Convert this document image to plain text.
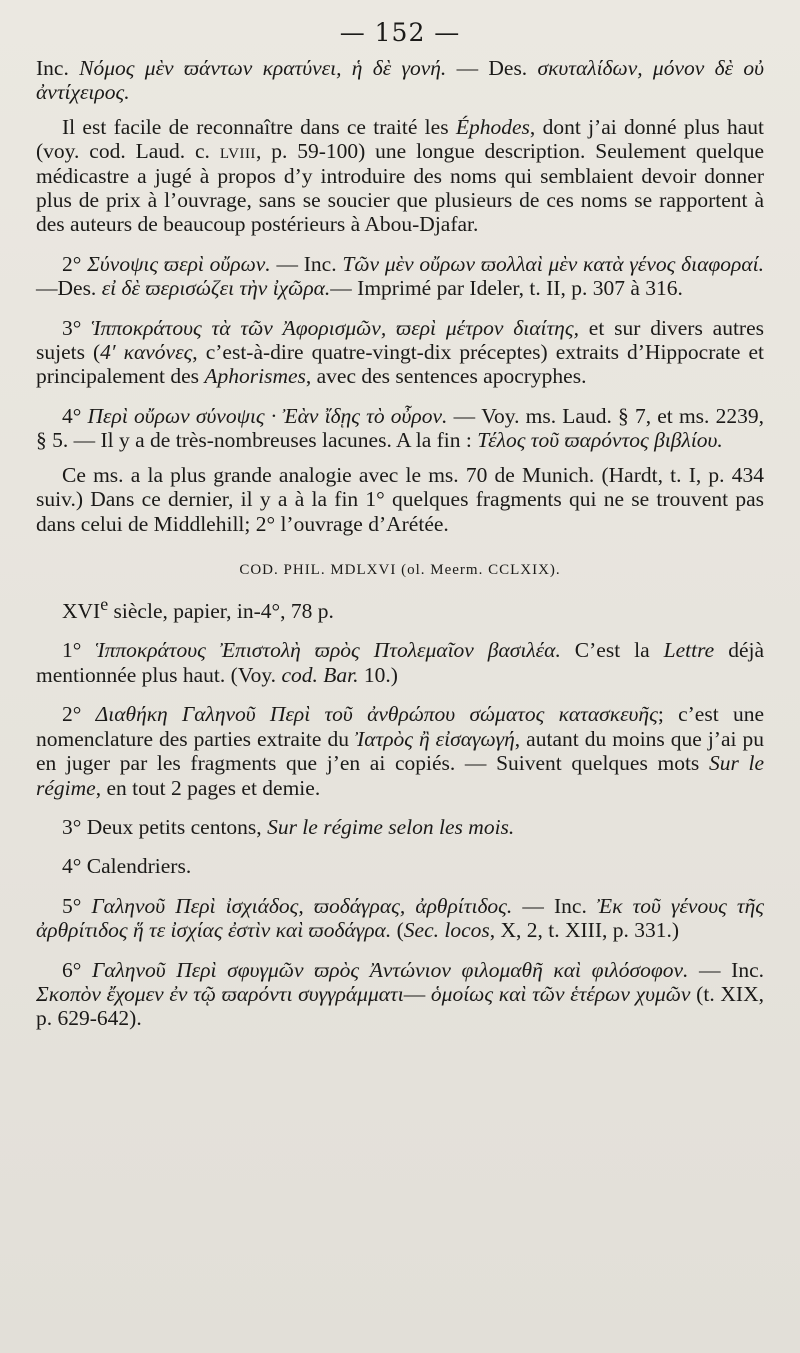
— 152 —

Inc. Νόμος μὲν ϖάντων κρατύνει, ἡ δὲ γονή. — Des. σκυταλίδων, μόνον δὲ οὐ ἀντίχειρος.

Il est facile de reconnaître dans ce traité les Éphodes, dont j’ai donné plus haut (voy. cod. Laud. c. lviii, p. 59-100) une longue description. Seulement quelque médicastre a jugé à propos d’y introduire des noms qui semblaient devoir donner plus de prix à l’ouvrage, sans se soucier que plusieurs de ces noms se rapportent à des auteurs de beaucoup postérieurs à Abou-Djafar.

2° Σύνοψις ϖερὶ οὔρων. — Inc. Τῶν μὲν οὔρων ϖολλαὶ μὲν κατὰ γένος διαφοραί.—Des. εἰ δὲ ϖερισώζει τὴν ἰχῶρα.— Imprimé par Ideler, t. II, p. 307 à 316.

3° Ἱπποκράτους τὰ τῶν Ἀφορισμῶν, ϖερὶ μέτρον διαίτης, et sur divers autres sujets (4′ κανόνες, c’est-à-dire quatre-vingt-dix préceptes) extraits d’Hippocrate et principalement des Aphorismes, avec des sentences apocryphes.

4° Περὶ οὔρων σύνοψις · Ἐὰν ἴδῃς τὸ οὖρον. — Voy. ms. Laud. § 7, et ms. 2239, § 5. — Il y a de très-nombreuses lacunes. A la fin : Τέλος τοῦ ϖαρόντος βιβλίου.

Ce ms. a la plus grande analogie avec le ms. 70 de Munich. (Hardt, t. I, p. 434 suiv.) Dans ce dernier, il y a à la fin 1° quelques fragments qui ne se trouvent pas dans celui de Middlehill; 2° l’ouvrage d’Arétée.

COD. PHIL. MDLXVI (ol. Meerm. CCLXIX).

XVIe siècle, papier, in-4°, 78 p.

1° Ἱπποκράτους Ἐπιστολὴ ϖρὸς Πτολεμαῖον βασιλέα. C’est la Lettre déjà mentionnée plus haut. (Voy. cod. Bar. 10.)

2° Διαθήκη Γαληνοῦ Περὶ τοῦ ἀνθρώπου σώματος κατασκευῆς; c’est une nomenclature des parties extraite du Ἰατρὸς ἢ εἰσαγωγή, autant du moins que j’ai pu en juger par les fragments que j’en ai copiés. — Suivent quelques mots Sur le régime, en tout 2 pages et demie.

3° Deux petits centons, Sur le régime selon les mois.

4° Calendriers.

5° Γαληνοῦ Περὶ ἰσχιάδος, ϖοδάγρας, ἀρθρίτιδος. — Inc. Ἐκ τοῦ γένους τῆς ἀρθρίτιδος ἥ τε ἰσχίας ἐστὶν καὶ ϖοδάγρα. (Sec. locos, X, 2, t. XIII, p. 331.)

6° Γαληνοῦ Περὶ σφυγμῶν ϖρὸς Ἀντώνιον φιλομαθῆ καὶ φιλόσοφον. — Inc. Σκοπὸν ἔχομεν ἐν τῷ ϖαρόντι συγγράμματι— ὁμοίως καὶ τῶν ἑτέρων χυμῶν (t. XIX, p. 629-642).
